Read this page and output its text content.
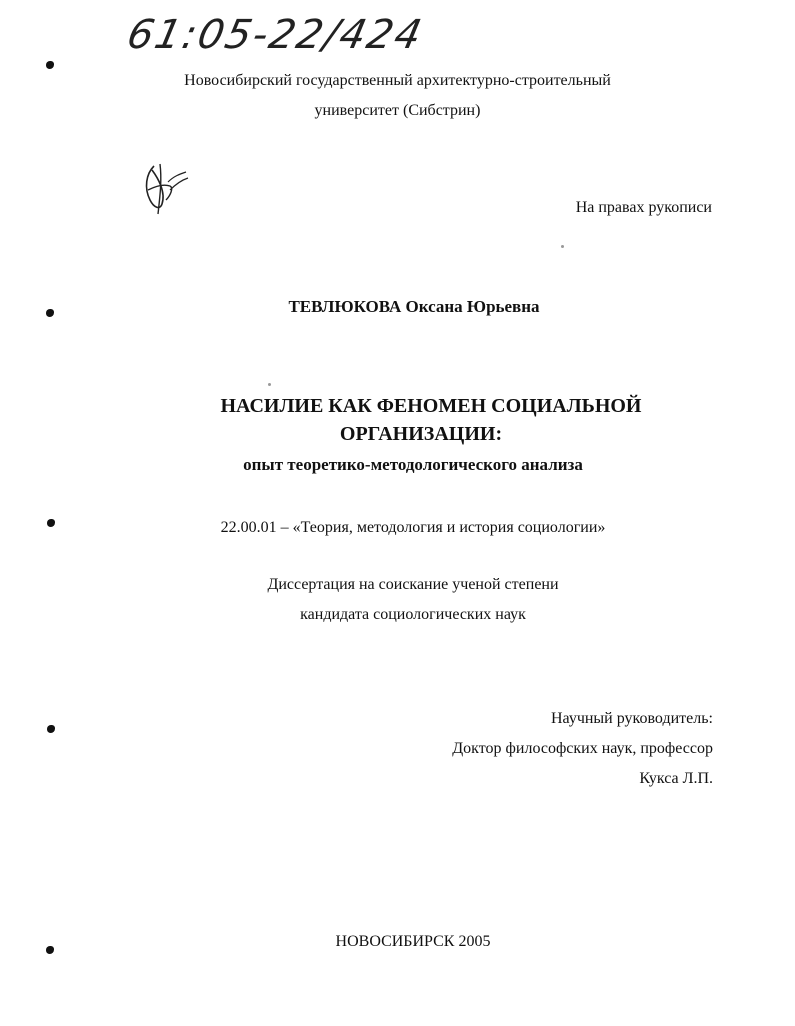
61:05-22/424
Новосибирский государственный архитектурно-строительный
университет (Сибстрин)
На правах рукописи
ТЕВЛЮКОВА Оксана Юрьевна
НАСИЛИЕ КАК ФЕНОМЕН СОЦИАЛЬНОЙ
ОРГАНИЗАЦИИ:
опыт теоретико-методологического анализа
22.00.01 – «Теория, методология и история социологии»
Диссертация на соискание ученой степени
кандидата социологических наук
Научный руководитель:
Доктор философских наук, профессор
Кукса Л.П.
НОВОСИБИРСК 2005
